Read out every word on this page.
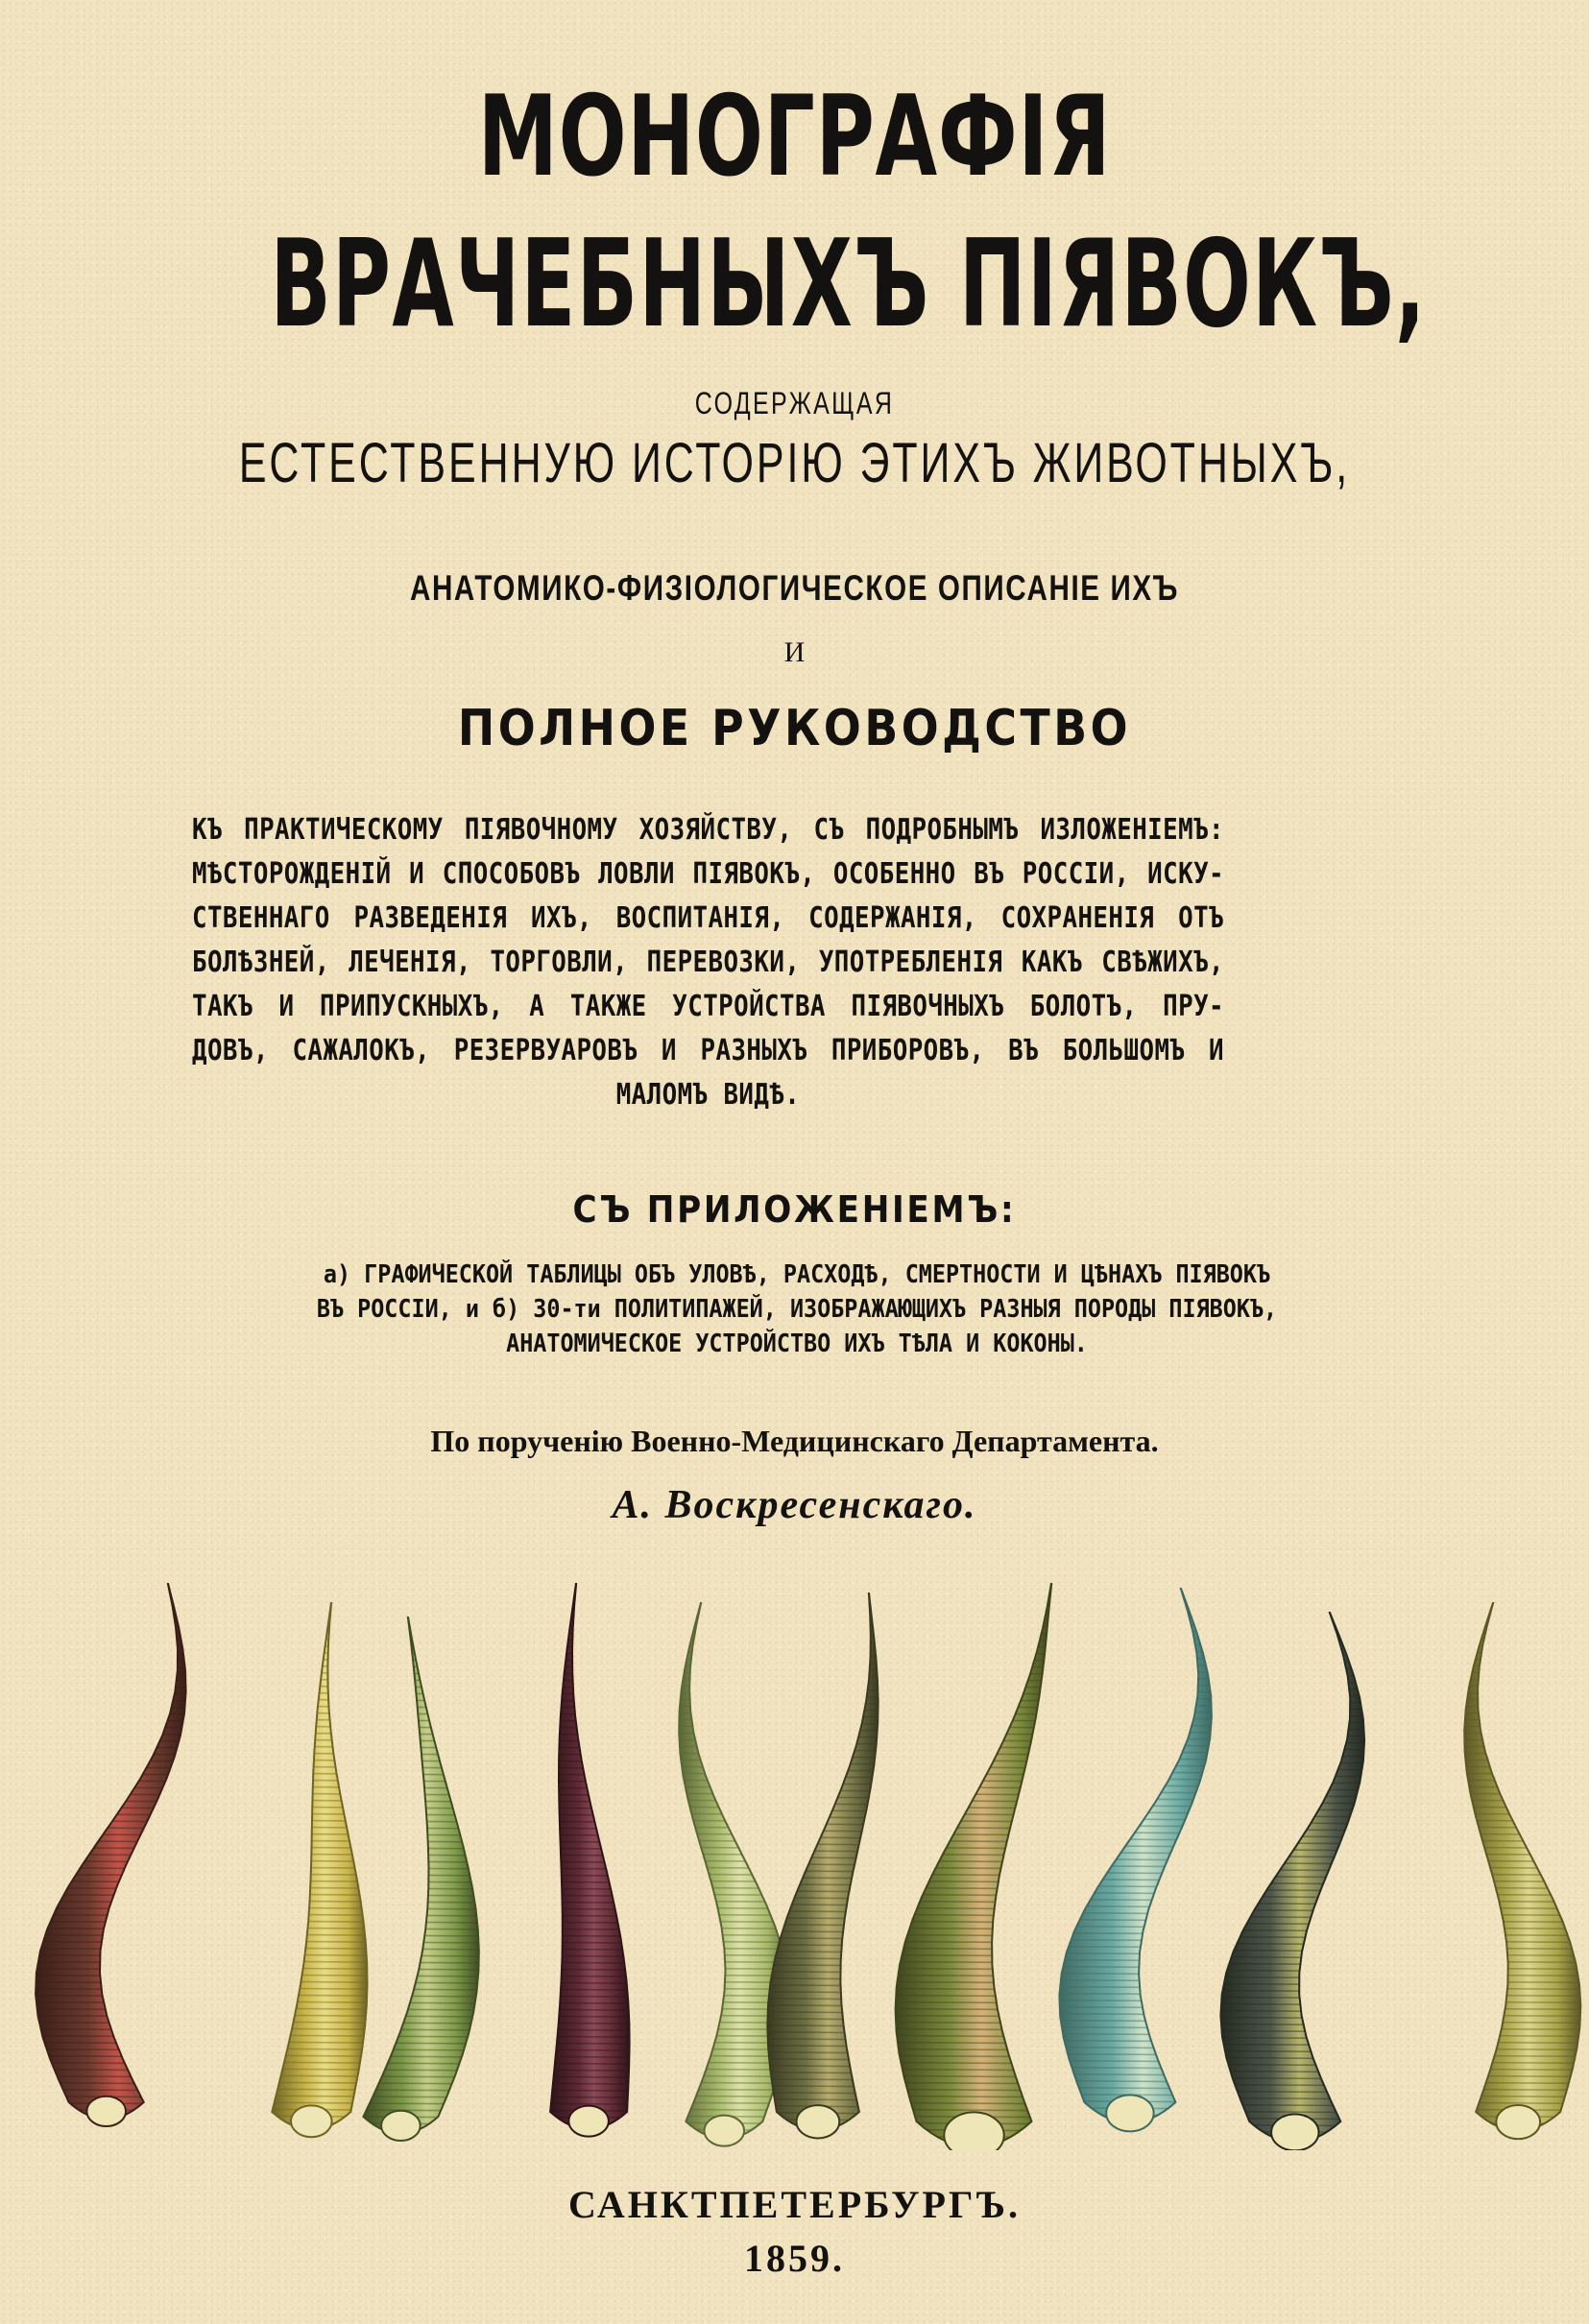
МОНОГРАФІЯ
ВРАЧЕБНЫХЪ ПІЯВОКЪ,
СОДЕРЖАЩАЯ
ЕСТЕСТВЕННУЮ ИСТОРІЮ ЭТИХЪ ЖИВОТНЫХЪ,
АНАТОМИКО-ФИЗІОЛОГИЧЕСКОЕ ОПИСАНІЕ ИХЪ
И
ПОЛНОЕ РУКОВОДСТВО
КЪ ПРАКТИЧЕСКОМУ ПІЯВОЧНОМУ ХОЗЯЙСТВУ, СЪ ПОДРОБНЫМЪ ИЗЛОЖЕНІЕМЪ:
МѢСТОРОЖДЕНІЙ И СПОСОБОВЪ ЛОВЛИ ПІЯВОКЪ, ОСОБЕННО ВЪ РОССІИ, ИСКУ-
СТВЕННАГО РАЗВЕДЕНІЯ ИХЪ, ВОСПИТАНІЯ, СОДЕРЖАНІЯ, СОХРАНЕНІЯ ОТЪ
БОЛѢЗНЕЙ, ЛЕЧЕНІЯ, ТОРГОВЛИ, ПЕРЕВОЗКИ, УПОТРЕБЛЕНІЯ КАКЪ СВѢЖИХЪ,
ТАКЪ И ПРИПУСКНЫХЪ, А ТАКЖЕ УСТРОЙСТВА ПІЯВОЧНЫХЪ БОЛОТЪ, ПРУ-
ДОВЪ, САЖАЛОКЪ, РЕЗЕРВУАРОВЪ И РАЗНЫХЪ ПРИБОРОВЪ, ВЪ БОЛЬШОМЪ И
МАЛОМЪ ВИДѢ.
СЪ ПРИЛОЖЕНІЕМЪ:
а) ГРАФИЧЕСКОЙ ТАБЛИЦЫ ОБЪ УЛОВѢ, РАСХОДѢ, СМЕРТНОСТИ И ЦѢНАХЪ ПІЯВОКЪ
ВЪ РОССІИ, и б) 30-ти ПОЛИТИПАЖЕЙ, ИЗОБРАЖАЮЩИХЪ РАЗНЫЯ ПОРОДЫ ПІЯВОКЪ,
АНАТОМИЧЕСКОЕ УСТРОЙСТВО ИХЪ ТѢЛА И КОКОНЫ.
По порученію Военно-Медицинскаго Департамента.
А. Воскресенскаго.
САНКТПЕТЕРБУРГЪ.
1859.
